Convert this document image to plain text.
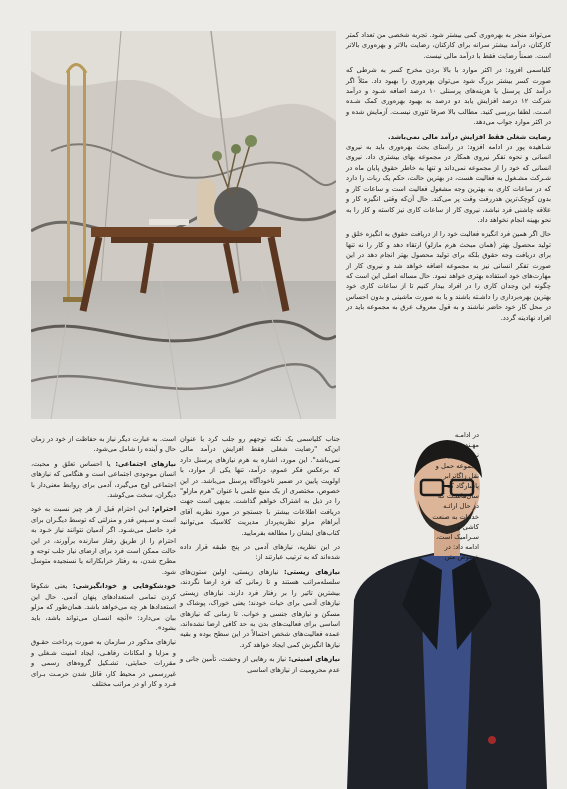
می‌تواند منجر به بهره‌وری کمی بیشتر شود. تجربه شخصی من تعداد کمتر کارکنان، درآمد بیشتر سرانه برای کارکنان، رضایت بالاتر و بهره‌وری بالاتر است. ضمناً رضایت فقط با درآمد مالی نیست.

کلیاسمی افزود: در اکثر موارد با بالا بردن مخرج کسر به شرطی که صورت کسر بیشتر بزرگ شود می‌توان بهره‌وری را بهبود داد. مثلاً اگر درآمد کل پرسنل یا هزینه‌های پرسنلی ۱۰ درصد اضافه شـود و درآمد شرکت ۱۲ درصد افزایش یابد دو درصد به بهبود بهره‌وری کمک شـده اسـت. لطفا بررسی کنید. مطالب بالا صرفا تئوری نیسـت. آزمایش شده و در اکثر موارد جواب می‌دهد.

رضایت شغلی فقط افزایش درآمد مالی نمی‌باشد.

شـاهیده پور در ادامه افزود: در راستای بحث بهره‌وری باید به نیروی انسانی و نحوه تفکر نیروی همکار در مجموعه بهای بیشتری داد. نیروی انسانی که خود را از مجموعه نمی‌داند و تنها به خاطر حقوق پایان ماه در شـرکت مشـغول به فعالیت هست، در بهترین حالت، حکم یک ربات را دارد که در ساعات کاری به بهترین وجه مشغول فعالیت است و ساعات کار و بدون کوچک‌ترین هدررفت وقت پر می‌کند. حال آن‌که وقتی انگیزه کار و علاقه چاشنی فرد نباشد، نیروی کار از ساعات کاری نیز کاسته و کار را به نحو بهینه انجام نخواهد داد.

حال اگر همین فرد انگیزه فعالیت خود را از دریافت حقوق به انگیزه خلق و تولید محصول بهتر (همان مبحث هرم مازلو) ارتقاء دهد و کار را نه تنها برای دریافت وجه حقوق بلکه برای تولید محصول بهتر انجام دهد در این صورت تفکر انسانی نیز به مجموعه اضافه خواهد شد و نیروی کار از مهارت‌های خود استفاده بهتری خواهد نمود. حال مساله اصلی این است که چگونه این وجدان کاری را در افراد بیدار کنیم تا از ساعات کاری خود بهترین بهره‌برداری را داشـته باشند و یا به صورت ماشینی و بدون احساس در محل کار خود حاضر نباشند و به قول معروف عرق به مجموعه باید در افراد نهادینه گردد.

در ادامـه مهـندس آرمیـن نمـوی مدیر مجموعه حمل و نقل زاگاترابر پاسارگاد که سال‌هاسـت که در حال ارائـه خدمات به صنعت کاشی و سـرامیک است، ادامه داد: در خصوص متن

جناب کلیاسمی یک نکته توجهم رو جلب کرد با عنوان این‌که "رضایت شغلی فقط افزایش درآمد مالی نمی‌باشد". این مورد، اشاره به هرم نیازهای پرسنل دارد که برعکس فکر عموم، درآمد، تنها یکی از موارد، با اولویت پایین در ضمیر ناخودآگاه پرسنل می‌باشد. در این خصوص، مختصری از یک منبع علمی با عنوان "هرم مازلو" را در ذیل به اشتراک خواهم گذاشت. بدیهی است جهت دریافت اطلاعات بیشتر با جستجو در مورد نظریه آقای آبراهام مزلو نظریه‌پرداز مدیریت کلاسیک می‌توانید کتاب‌های ایشان را مطالعه بفرمایید.

در این نظریه، نیازهای آدمی در پنج طبقه قرار داده شده‌اند که به ترتیب عبارتند از:

نیازهای زیستی: نیازهای زیستی، اولین ستون‌های سلسله‌مراتب هستند و تا زمانی که فرد ارضا نگردند، بیشترین تاثیر را بر رفتار فرد دارند. نیازهای زیستی نیازهای آدمی برای حیات خودند؛ یعنی خوراک، پوشاک و مسکن و نیازهای جنسی و خواب. تا زمانی که نیازهای اساسی برای فعالیت‌های بدن به حد کافی ارضا نشده‌اند، عمده فعالیت‌های شخص احتمالاً در این سطح بوده و بقیه نیازها انگیزش کمی ایجاد خواهد کرد.

نیازهای امنیتی: نیاز به رهایی از وحشت، تأمین جانی و عدم محرومیت از نیازهای اساسی

است. به عبارت دیگر نیاز به حفاظت از خود در زمان حال و آینده را شامل می‌شود.

نیازهای اجتماعی: یا احساس تعلق و محبت، انسان موجودی اجتماعی است و هنگامی که نیازهای اجتماعی اوج می‌گیرد، آدمی برای روابط معنی‌دار با دیگران، سخت می‌کوشد.

احترام: ایـن احترام قبل از هر چیز نسبت به خود است و سـپس قدر و منزلتی که توسط دیگـران برای فرد حاصل می‌شـود. اگر آدمیان نتوانند نیاز خـود به احترام را از طریق رفتار سازنده برآورند، در این حالت ممکن است فرد برای ارضای نیاز جلب توجه و مطرح شدن، به رفتار خرابکارانه یا نسنجیده متوسل شود.

خودشکوفایی و خودانگیزشی: یعنی شکوفا کردن تمامی استعدادهای پنهان آدمی. حال این استعدادها هر چه می‌خواهد باشد. همان‌طور که مزلو بیان می‌دارد: «آنچه انسـان می‌تواند باشد، باید بشود».

نیازهای مذکور در سازمان به صورت پرداخت حقـوق و مزایا و امکانات رفاهـی، ایجاد امنیت شـغلی و مقررات حمایتی، تشـکیل گروه‌های رسمی و غیررسمی در محیط کار، قائل شدن حرمـت بـرای فـرد و کار او در مراتب مختلف
